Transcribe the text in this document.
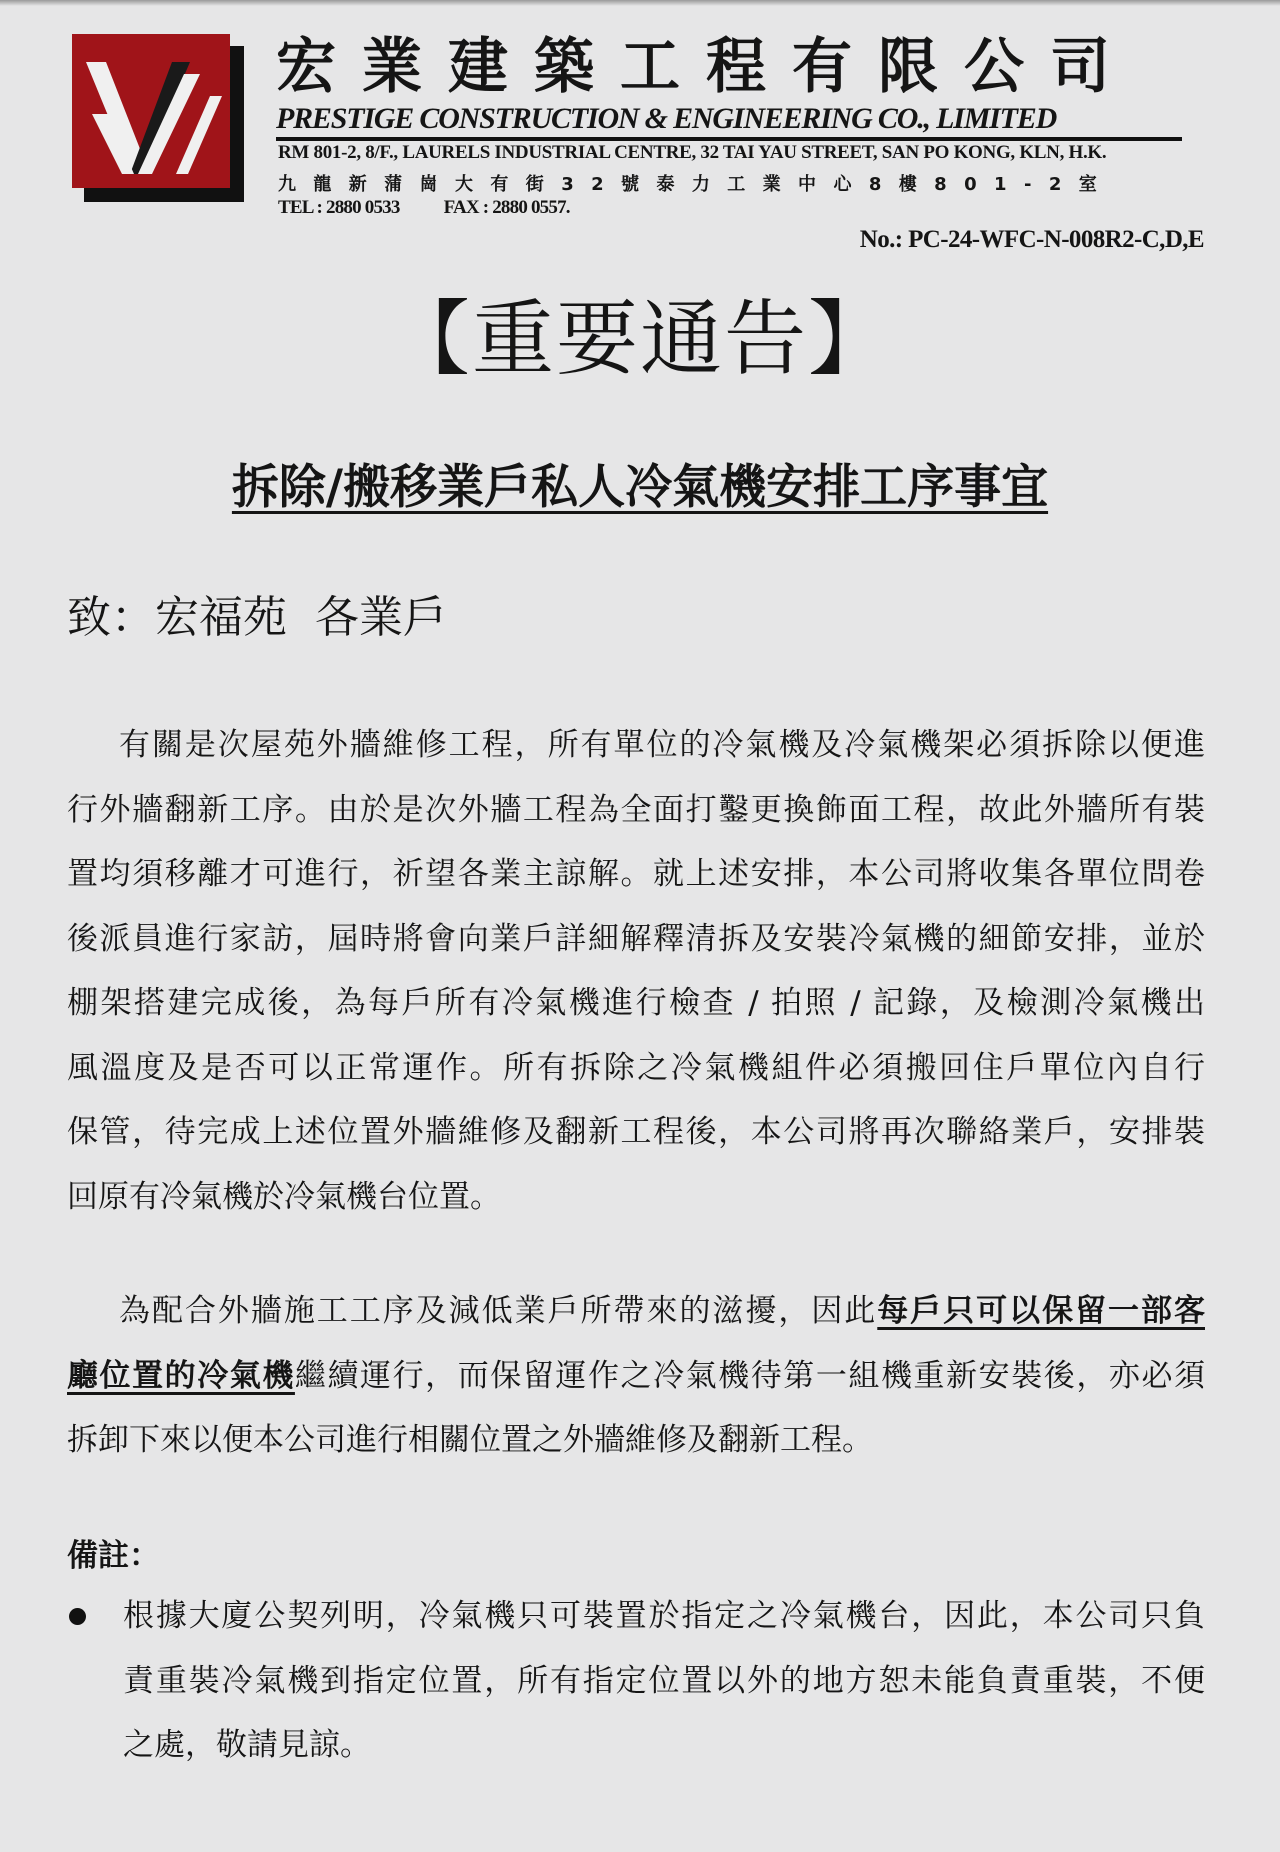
宏業建築工程有限公司
PRESTIGE CONSTRUCTION & ENGINEERING CO., LIMITED
RM 801-2, 8/F., LAURELS INDUSTRIAL CENTRE, 32 TAI YAU STREET, SAN PO KONG, KLN, H.K.
九龍新蒲崗大有街32號泰力工業中心8樓801-2室
TEL : 2880 0533 FAX : 2880 0557.
No.: PC-24-WFC-N-008R2-C,D,E
【重要通告】
拆除/搬移業戶私人冷氣機安排工序事宜
致：宏福苑  各業戶
有關是次屋苑外牆維修工程，所有單位的冷氣機及冷氣機架必須拆除以便進
行外牆翻新工序。由於是次外牆工程為全面打鑿更換飾面工程，故此外牆所有裝
置均須移離才可進行，祈望各業主諒解。就上述安排，本公司將收集各單位問卷
後派員進行家訪，屆時將會向業戶詳細解釋清拆及安裝冷氣機的細節安排，並於
棚架搭建完成後，為每戶所有冷氣機進行檢查 / 拍照 / 記錄，及檢測冷氣機出
風溫度及是否可以正常運作。所有拆除之冷氣機組件必須搬回住戶單位內自行
保管，待完成上述位置外牆維修及翻新工程後，本公司將再次聯絡業戶，安排裝
回原有冷氣機於冷氣機台位置。
為配合外牆施工工序及減低業戶所帶來的滋擾，因此每戶只可以保留一部客
廳位置的冷氣機繼續運行，而保留運作之冷氣機待第一組機重新安裝後，亦必須
拆卸下來以便本公司進行相關位置之外牆維修及翻新工程。
備註：
根據大廈公契列明，冷氣機只可裝置於指定之冷氣機台，因此，本公司只負
責重裝冷氣機到指定位置，所有指定位置以外的地方恕未能負責重裝，不便
之處，敬請見諒。
